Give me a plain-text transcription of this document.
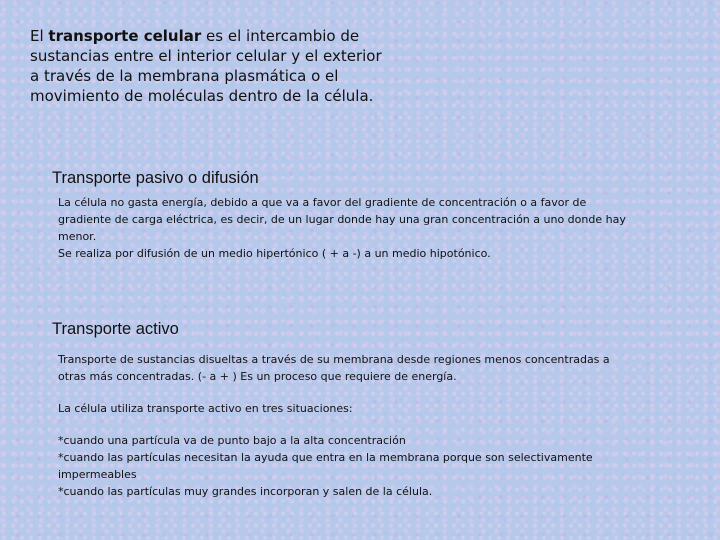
El transporte celular es el intercambio de sustancias entre el interior celular y el exterior a través de la membrana plasmática o el movimiento de moléculas dentro de la célula.
Transporte pasivo o difusión

La célula no gasta energía, debido a que va a favor del gradiente de concentración o a favor de gradiente de carga eléctrica, es decir, de un lugar donde hay una gran concentración a uno donde hay menor.

Se realiza por difusión de un medio hipertónico ( + a -) a un medio hipotónico.

Transporte activo

Transporte de sustancias disueltas a través de su membrana desde regiones menos concentradas a otras más concentradas. (- a + ) Es un proceso que requiere de energía.

La célula utiliza transporte activo en tres situaciones:

*cuando una partícula va de punto bajo a la alta concentración

*cuando las partículas necesitan la ayuda que entra en la membrana porque son selectivamente impermeables

*cuando las partículas muy grandes incorporan y salen de la célula.
